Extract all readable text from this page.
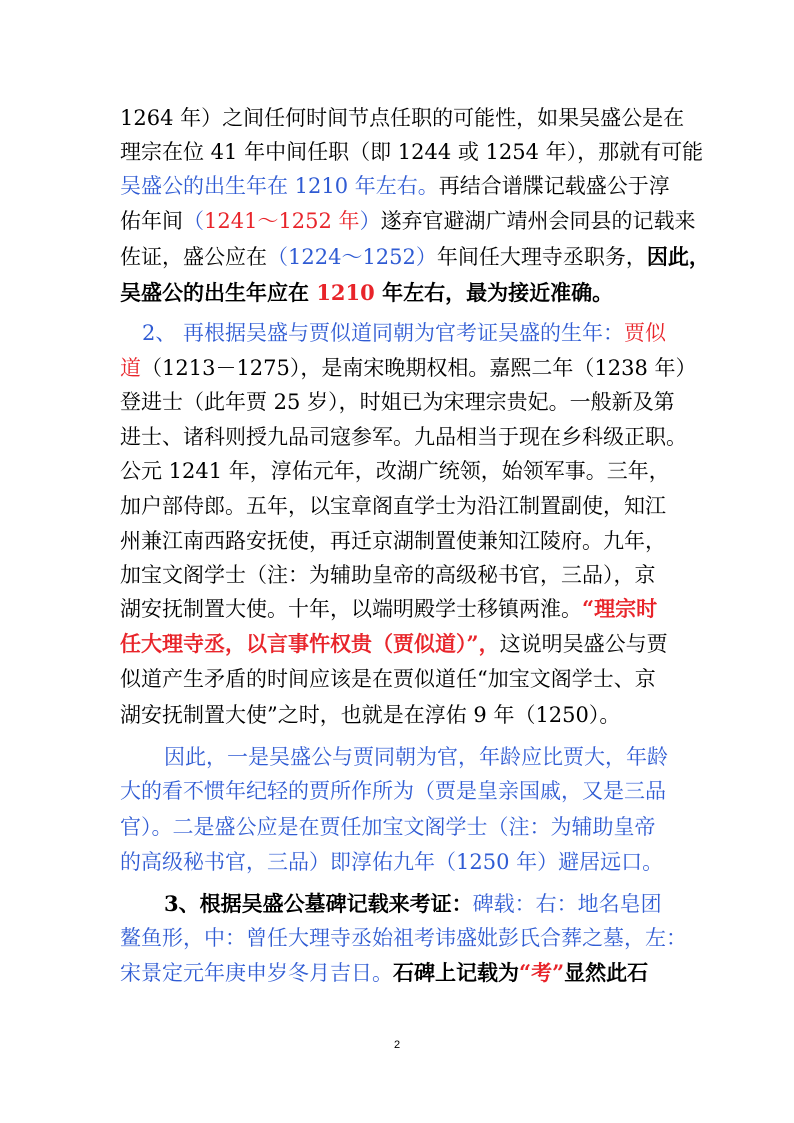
1264 年）之间任何时间节点任职的可能性，如果吴盛公是在
理宗在位 41 年中间任职（即 1244 或 1254 年），那就有可能
吴盛公的出生年在 1210 年左右。再结合谱牒记载盛公于淳
佑年间（1241～1252 年）遂弃官避湖广靖州会同县的记载来
佐证，盛公应在（1224～1252）年间任大理寺丞职务，因此，
吴盛公的出生年应在 1210 年左右，最为接近准确。
2、 再根据吴盛与贾似道同朝为官考证吴盛的生年：贾似
道（1213－1275），是南宋晚期权相。嘉熙二年（1238 年）
登进士（此年贾 25 岁），时姐已为宋理宗贵妃。一般新及第
进士、诸科则授九品司寇参军。九品相当于现在乡科级正职。
公元 1241 年，淳佑元年，改湖广统领，始领军事。三年，
加户部侍郎。五年，以宝章阁直学士为沿江制置副使，知江
州兼江南西路安抚使，再迁京湖制置使兼知江陵府。九年，
加宝文阁学士（注：为辅助皇帝的高级秘书官，三品），京
湖安抚制置大使。十年，以端明殿学士移镇两淮。“理宗时
任大理寺丞，以言事忤权贵（贾似道）”，这说明吴盛公与贾
似道产生矛盾的时间应该是在贾似道任“加宝文阁学士、京
湖安抚制置大使”之时，也就是在淳佑 9 年（1250）。
因此，一是吴盛公与贾同朝为官，年龄应比贾大，年龄
大的看不惯年纪轻的贾所作所为（贾是皇亲国戚，又是三品
官）。二是盛公应是在贾任加宝文阁学士（注：为辅助皇帝
的高级秘书官，三品）即淳佑九年（1250 年）避居远口。
3、根据吴盛公墓碑记载来考证：碑载：右：地名皂团
鳌鱼形，中：曾任大理寺丞始祖考讳盛妣彭氏合葬之墓，左：
宋景定元年庚申岁冬月吉日。石碑上记载为“考”显然此石
2
